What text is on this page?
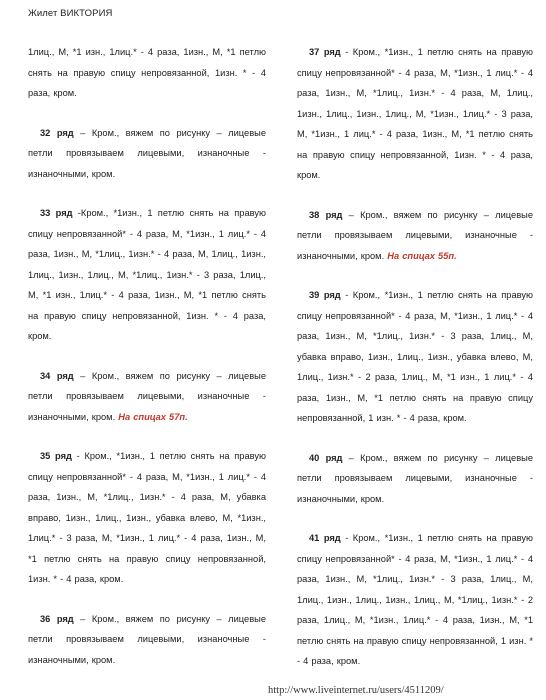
Жилет ВИКТОРИЯ

1лиц., М, *1 изн., 1лиц.* - 4 раза, 1изн., М, *1 петлю снять на правую спицу непровязанной, 1изн. * - 4 раза, кром.

32 ряд – Кром., вяжем по рисунку – лицевые петли провязываем лицевыми, изнаночные - изнаночными, кром.

33 ряд -Кром., *1изн., 1 петлю снять на правую спицу непровязанной* - 4 раза, М, *1изн., 1 лиц.* - 4 раза, 1изн., М, *1лиц., 1изн.* - 4 раза, М, 1лиц., 1изн., 1лиц., 1изн., 1лиц., М, *1лиц., 1изн.* - 3 раза, 1лиц., М, *1 изн., 1лиц.* - 4 раза, 1изн., М, *1 петлю снять на правую спицу непровязанной, 1изн. * - 4 раза, кром.

34 ряд – Кром., вяжем по рисунку – лицевые петли провязываем лицевыми, изнаночные - изнаночными, кром. На спицах 57п.

35 ряд - Кром., *1изн., 1 петлю снять на правую спицу непровязанной* - 4 раза, М, *1изн., 1 лиц.* - 4 раза, 1изн., М, *1лиц., 1изн.* - 4 раза, М, убавка вправо, 1изн., 1лиц., 1изн., убавка влево, М, *1изн., 1лиц.* - 3 раза, М, *1изн., 1 лиц.* - 4 раза, 1изн., М, *1 петлю снять на правую спицу непровязанной, 1изн. * - 4 раза, кром.

36 ряд – Кром., вяжем по рисунку – лицевые петли провязываем лицевыми, изнаночные - изнаночными, кром.

37 ряд - Кром., *1изн., 1 петлю снять на правую спицу непровязанной* - 4 раза, М, *1изн., 1 лиц.* - 4 раза, 1изн., М, *1лиц., 1изн.* - 4 раза, М, 1лиц., 1изн., 1лиц., 1изн., 1лиц., М, *1изн., 1лиц.* - 3 раза, М, *1изн., 1 лиц.* - 4 раза, 1изн., М, *1 петлю снять на правую спицу непровязанной, 1изн. * - 4 раза, кром.

38 ряд – Кром., вяжем по рисунку – лицевые петли провязываем лицевыми, изнаночные - изнаночными, кром. На спицах 55п.

39 ряд - Кром., *1изн., 1 петлю снять на правую спицу непровязанной* - 4 раза, М, *1изн., 1 лиц.* - 4 раза, 1изн., М, *1лиц., 1изн.* - 3 раза, 1лиц., М, убавка вправо, 1изн., 1лиц., 1изн., убавка влево, М, 1лиц., 1изн.* - 2 раза, 1лиц., М, *1 изн., 1 лиц.* - 4 раза, 1изн., М, *1 петлю снять на правую спицу непровязанной, 1 изн. * - 4 раза, кром.

40 ряд – Кром., вяжем по рисунку – лицевые петли провязываем лицевыми, изнаночные - изнаночными, кром.

41 ряд - Кром., *1изн., 1 петлю снять на правую спицу непровязанной* - 4 раза, М, *1изн., 1 лиц.* - 4 раза, 1изн., М, *1лиц., 1изн.* - 3 раза, 1лиц., М, 1лиц., 1изн., 1лиц., 1изн., 1лиц., М, *1лиц., 1изн.* - 2 раза, 1лиц., М, *1изн., 1лиц.* - 4 раза, 1изн., М, *1 петлю снять на правую спицу непровязанной, 1 изн. * - 4 раза, кром.

http://www.liveinternet.ru/users/4511209/
